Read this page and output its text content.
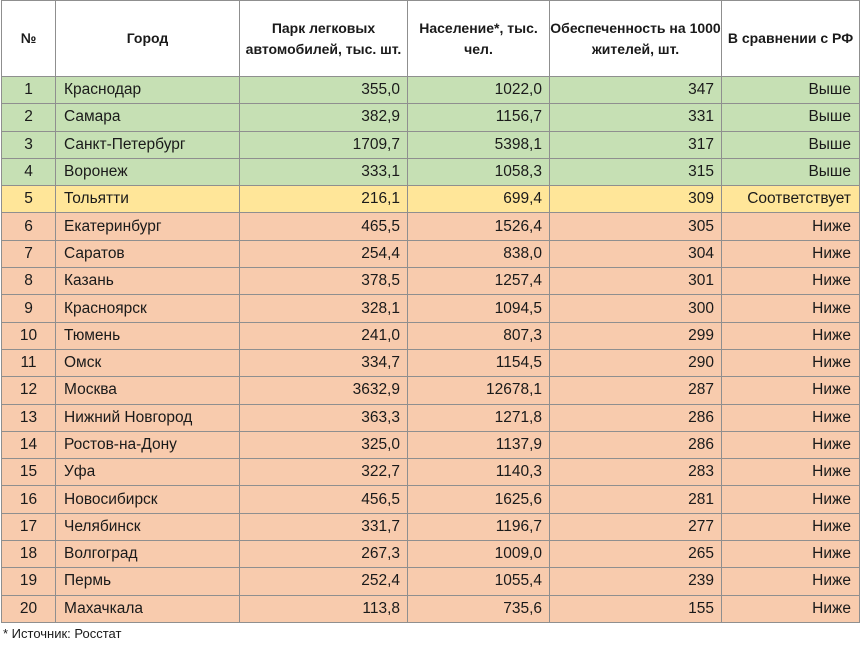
№	Город	Парк легковых автомобилей, тыс. шт.	Население*, тыс. чел.	Обеспеченность на 1000 жителей, шт.	В сравнении с РФ
1	Краснодар	355,0	1022,0	347	Выше
2	Самара	382,9	1156,7	331	Выше
3	Санкт-Петербург	1709,7	5398,1	317	Выше
4	Воронеж	333,1	1058,3	315	Выше
5	Тольятти	216,1	699,4	309	Соответствует
6	Екатеринбург	465,5	1526,4	305	Ниже
7	Саратов	254,4	838,0	304	Ниже
8	Казань	378,5	1257,4	301	Ниже
9	Красноярск	328,1	1094,5	300	Ниже
10	Тюмень	241,0	807,3	299	Ниже
11	Омск	334,7	1154,5	290	Ниже
12	Москва	3632,9	12678,1	287	Ниже
13	Нижний Новгород	363,3	1271,8	286	Ниже
14	Ростов-на-Дону	325,0	1137,9	286	Ниже
15	Уфа	322,7	1140,3	283	Ниже
16	Новосибирск	456,5	1625,6	281	Ниже
17	Челябинск	331,7	1196,7	277	Ниже
18	Волгоград	267,3	1009,0	265	Ниже
19	Пермь	252,4	1055,4	239	Ниже
20	Махачкала	113,8	735,6	155	Ниже
* Источник: Росстат
